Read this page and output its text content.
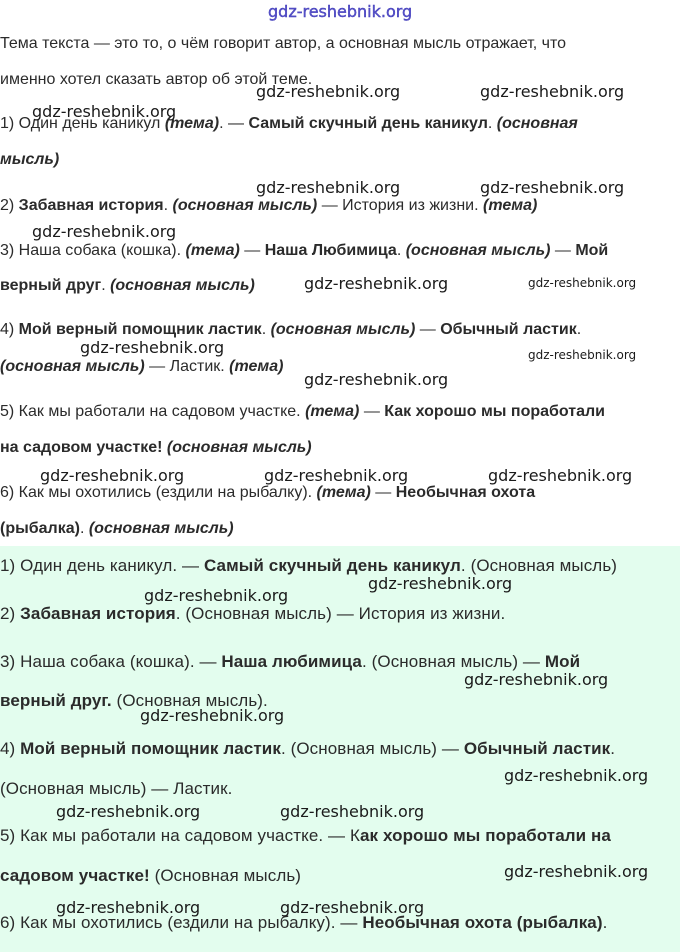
gdz-reshebnik.org
Тема текста — это то, о чём говорит автор, а основная мысль отражает, что
именно хотел сказать автор об этой теме.
1) Один день каникул (тема). — Самый скучный день каникул. (основная
мысль)
2) Забавная история. (основная мысль) — История из жизни. (тема)
3) Наша собака (кошка). (тема) — Наша Любимица. (основная мысль) — Мой
верный друг. (основная мысль)
4) Мой верный помощник ластик. (основная мысль) — Обычный ластик.
(основная мысль) — Ластик. (тема)
5) Как мы работали на садовом участке. (тема) — Как хорошо мы поработали
на садовом участке! (основная мысль)
6) Как мы охотились (ездили на рыбалку). (тема) — Необычная охота
(рыбалка). (основная мысль)
1) Один день каникул. — Самый скучный день каникул. (Основная мысль)
2) Забавная история. (Основная мысль) — История из жизни.
3) Наша собака (кошка). — Наша любимица. (Основная мысль) — Мой
верный друг. (Основная мысль).
4) Мой верный помощник ластик. (Основная мысль) — Обычный ластик.
(Основная мысль) — Ластик.
5) Как мы работали на садовом участке. — Как хорошо мы поработали на
садовом участке! (Основная мысль)
6) Как мы охотились (ездили на рыбалку). — Необычная охота (рыбалка).
gdz-reshebnik.org	gdz-reshebnik.org
gdz-reshebnik.org
gdz-reshebnik.org	gdz-reshebnik.org
gdz-reshebnik.org
gdz-reshebnik.org	gdz-reshebnik.org
gdz-reshebnik.org	gdz-reshebnik.org
gdz-reshebnik.org
gdz-reshebnik.org	gdz-reshebnik.org	gdz-reshebnik.org
gdz-reshebnik.org
gdz-reshebnik.org
gdz-reshebnik.org
gdz-reshebnik.org
gdz-reshebnik.org
gdz-reshebnik.org	gdz-reshebnik.org
gdz-reshebnik.org
gdz-reshebnik.org	gdz-reshebnik.org
